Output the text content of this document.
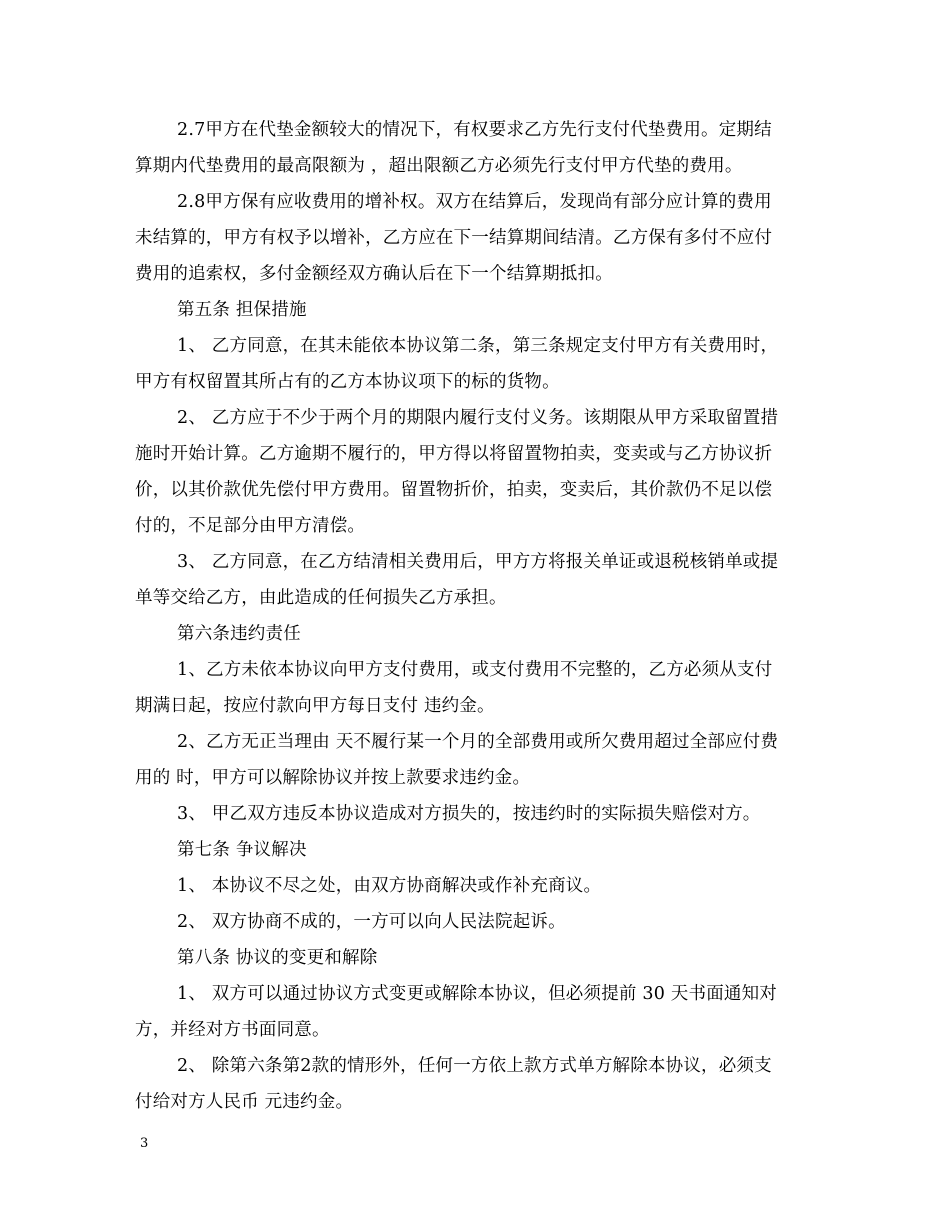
2.7甲方在代垫金额较大的情况下，有权要求乙方先行支付代垫费用。定期结
算期内代垫费用的最高限额为 ，超出限额乙方必须先行支付甲方代垫的费用。
2.8甲方保有应收费用的增补权。双方在结算后，发现尚有部分应计算的费用
未结算的，甲方有权予以增补，乙方应在下一结算期间结清。乙方保有多付不应付
费用的追索权，多付金额经双方确认后在下一个结算期抵扣。
第五条 担保措施
1、 乙方同意，在其未能依本协议第二条，第三条规定支付甲方有关费用时，
甲方有权留置其所占有的乙方本协议项下的标的货物。
2、 乙方应于不少于两个月的期限内履行支付义务。该期限从甲方采取留置措
施时开始计算。乙方逾期不履行的，甲方得以将留置物拍卖，变卖或与乙方协议折
价，以其价款优先偿付甲方费用。留置物折价，拍卖，变卖后，其价款仍不足以偿
付的，不足部分由甲方清偿。
3、 乙方同意，在乙方结清相关费用后，甲方方将报关单证或退税核销单或提
单等交给乙方，由此造成的任何损失乙方承担。
第六条违约责任
1、乙方未依本协议向甲方支付费用，或支付费用不完整的，乙方必须从支付
期满日起，按应付款向甲方每日支付 违约金。
2、乙方无正当理由 天不履行某一个月的全部费用或所欠费用超过全部应付费
用的 时，甲方可以解除协议并按上款要求违约金。
3、 甲乙双方违反本协议造成对方损失的，按违约时的实际损失赔偿对方。
第七条 争议解决
1、 本协议不尽之处，由双方协商解决或作补充商议。
2、 双方协商不成的，一方可以向人民法院起诉。
第八条 协议的变更和解除
1、 双方可以通过协议方式变更或解除本协议，但必须提前 30 天书面通知对
方，并经对方书面同意。
2、 除第六条第2款的情形外，任何一方依上款方式单方解除本协议，必须支
付给对方人民币 元违约金。
3
